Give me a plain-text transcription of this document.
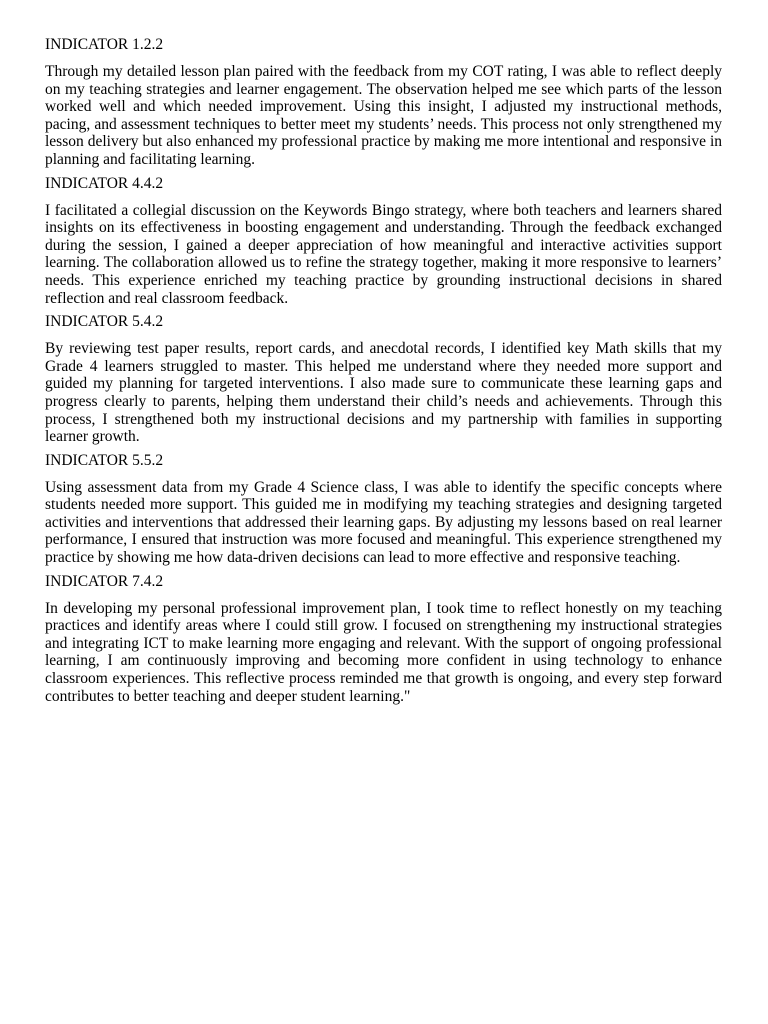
INDICATOR 1.2.2

Through my detailed lesson plan paired with the feedback from my COT rating, I was able to reflect deeply on my teaching strategies and learner engagement. The observation helped me see which parts of the lesson worked well and which needed improvement. Using this insight, I adjusted my instructional methods, pacing, and assessment techniques to better meet my students’ needs. This process not only strengthened my lesson delivery but also enhanced my professional practice by making me more intentional and responsive in planning and facilitating learning.

INDICATOR 4.4.2

I facilitated a collegial discussion on the Keywords Bingo strategy, where both teachers and learners shared insights on its effectiveness in boosting engagement and understanding. Through the feedback exchanged during the session, I gained a deeper appreciation of how meaningful and interactive activities support learning. The collaboration allowed us to refine the strategy together, making it more responsive to learners’ needs. This experience enriched my teaching practice by grounding instructional decisions in shared reflection and real classroom feedback.

INDICATOR 5.4.2

By reviewing test paper results, report cards, and anecdotal records, I identified key Math skills that my Grade 4 learners struggled to master. This helped me understand where they needed more support and guided my planning for targeted interventions. I also made sure to communicate these learning gaps and progress clearly to parents, helping them understand their child’s needs and achievements. Through this process, I strengthened both my instructional decisions and my partnership with families in supporting learner growth.

INDICATOR 5.5.2

Using assessment data from my Grade 4 Science class, I was able to identify the specific concepts where students needed more support. This guided me in modifying my teaching strategies and designing targeted activities and interventions that addressed their learning gaps. By adjusting my lessons based on real learner performance, I ensured that instruction was more focused and meaningful. This experience strengthened my practice by showing me how data-driven decisions can lead to more effective and responsive teaching.

INDICATOR 7.4.2

In developing my personal professional improvement plan, I took time to reflect honestly on my teaching practices and identify areas where I could still grow. I focused on strengthening my instructional strategies and integrating ICT to make learning more engaging and relevant. With the support of ongoing professional learning, I am continuously improving and becoming more confident in using technology to enhance classroom experiences. This reflective process reminded me that growth is ongoing, and every step forward contributes to better teaching and deeper student learning."
